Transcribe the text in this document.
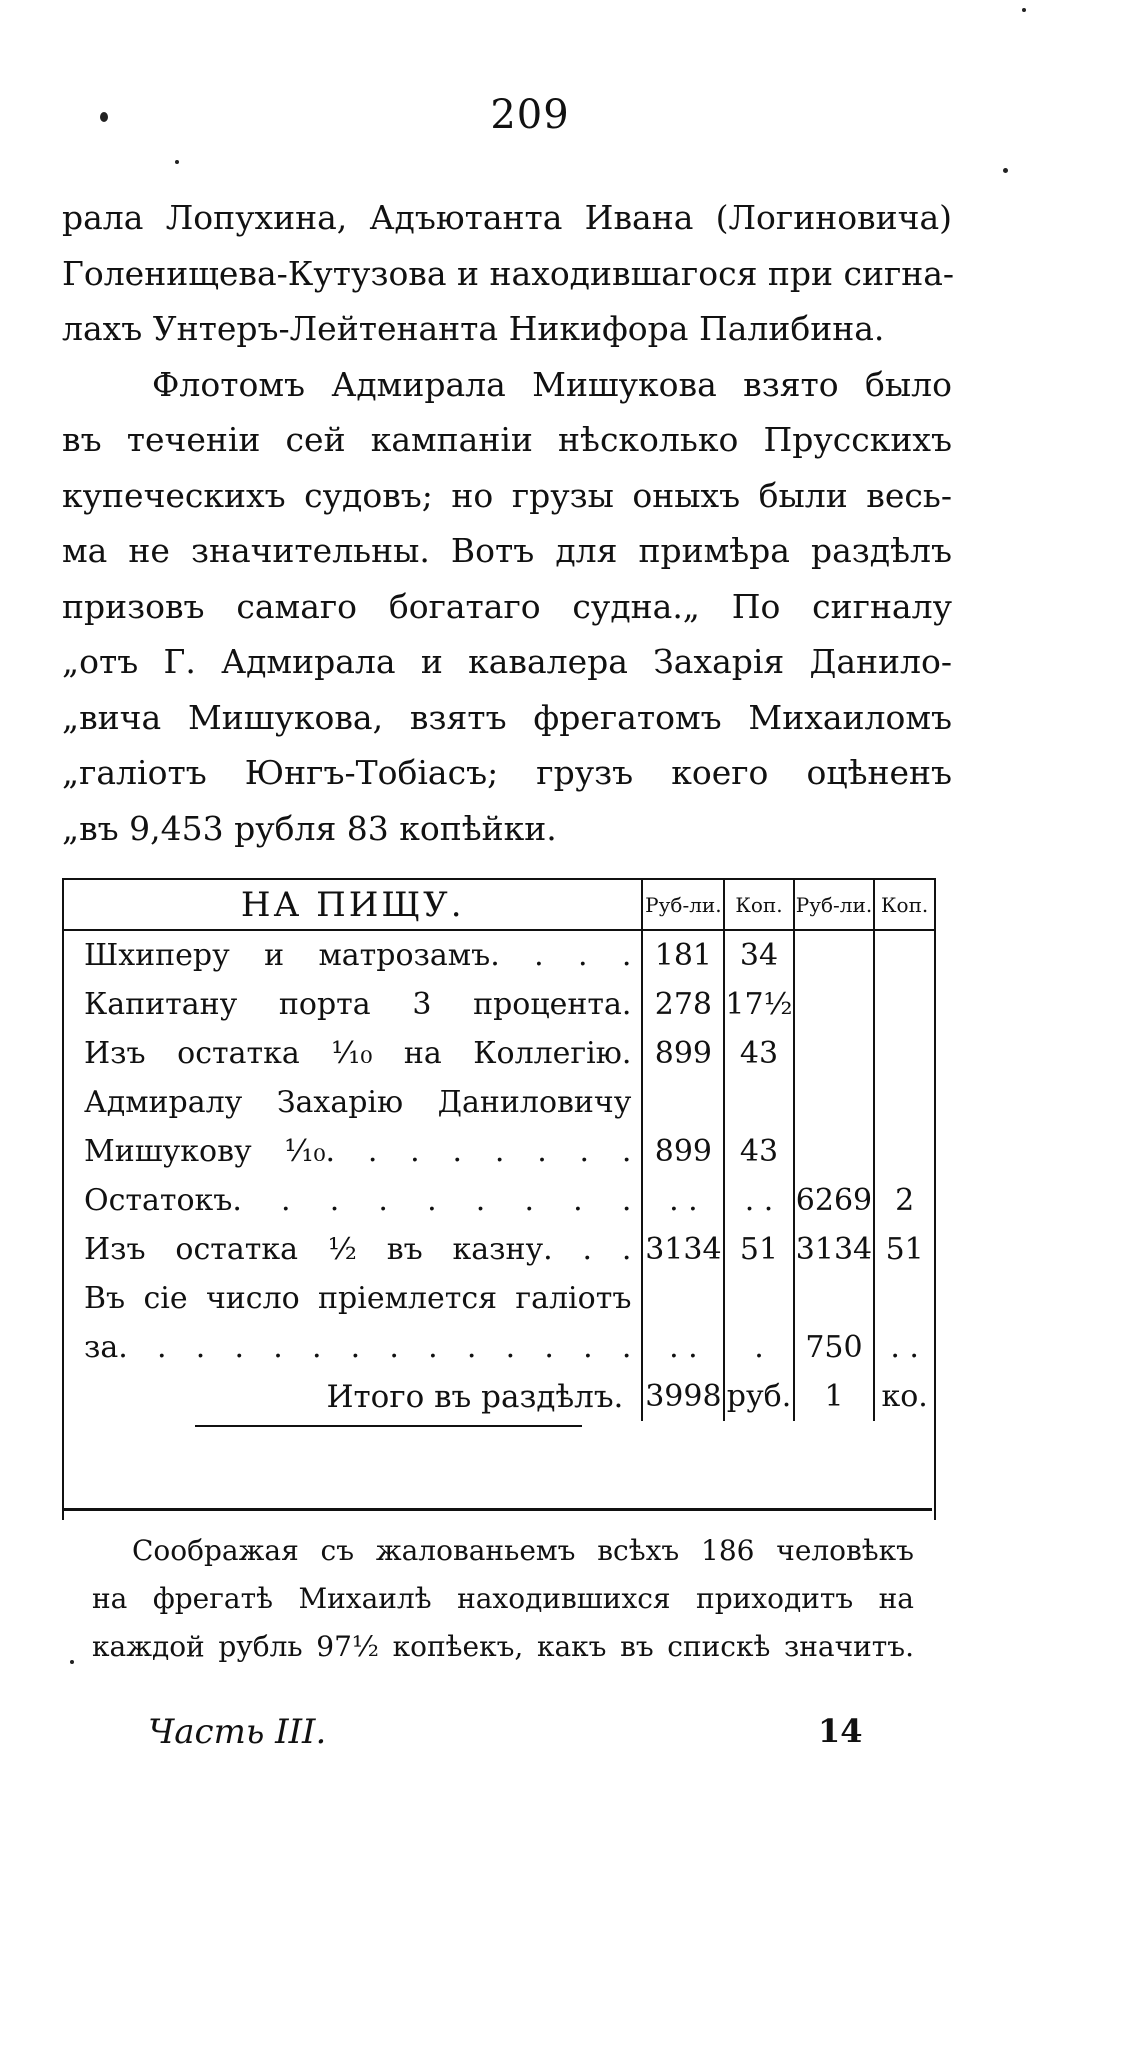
209
рала Лопухина, Адъютанта Ивана (Логиновича)
Голенищева-Кутузова и находившагося при сигна-
лахъ Унтеръ-Лейтенанта Никифора Палибина.
Флотомъ Адмирала Мишукова взято было
въ теченіи сей кампаніи нѣсколько Прусскихъ
купеческихъ судовъ; но грузы оныхъ были весь-
ма не значительны. Вотъ для примѣра раздѣлъ
призовъ самаго богатаго судна.„ По сигналу
„отъ Г. Адмирала и кавалера Захарія Данило-
„вича Мишукова, взятъ фрегатомъ Михаиломъ
„галіотъ Юнгъ-Тобіасъ; грузъ коего оцѣненъ
„въ 9,453 рубля 83 копѣйки.
НА ПИЩУ.	Руб-ли.	Коп.	Руб-ли.	Коп.
Шхиперу и матрозамъ. . . .	181	34		
Капитану порта 3 процента.	278	17½		
Изъ остатка ¹⁄₁₀ на Коллегію.	899	43		
Адмиралу Захарію Даниловичу				
Мишукову ¹⁄₁₀. . . . . . . .	899	43		
Остатокъ. . . . . . . . .	. .	. .	6269	2
Изъ остатка ½ въ казну. . .	3134	51	3134	51
Въ сіе число пріемлется галіотъ				
за. . . . . . . . . . . . . .	. .	.	750	. .
Итого въ раздѣлъ.	3998	руб.	1	ко.
Соображая съ жалованьемъ всѣхъ 186 человѣкъ
на фрегатѣ Михаилѣ находившихся приходитъ на
каждой рубль 97½ копѣекъ, какъ въ спискѣ значитъ.
Часть III.	14
